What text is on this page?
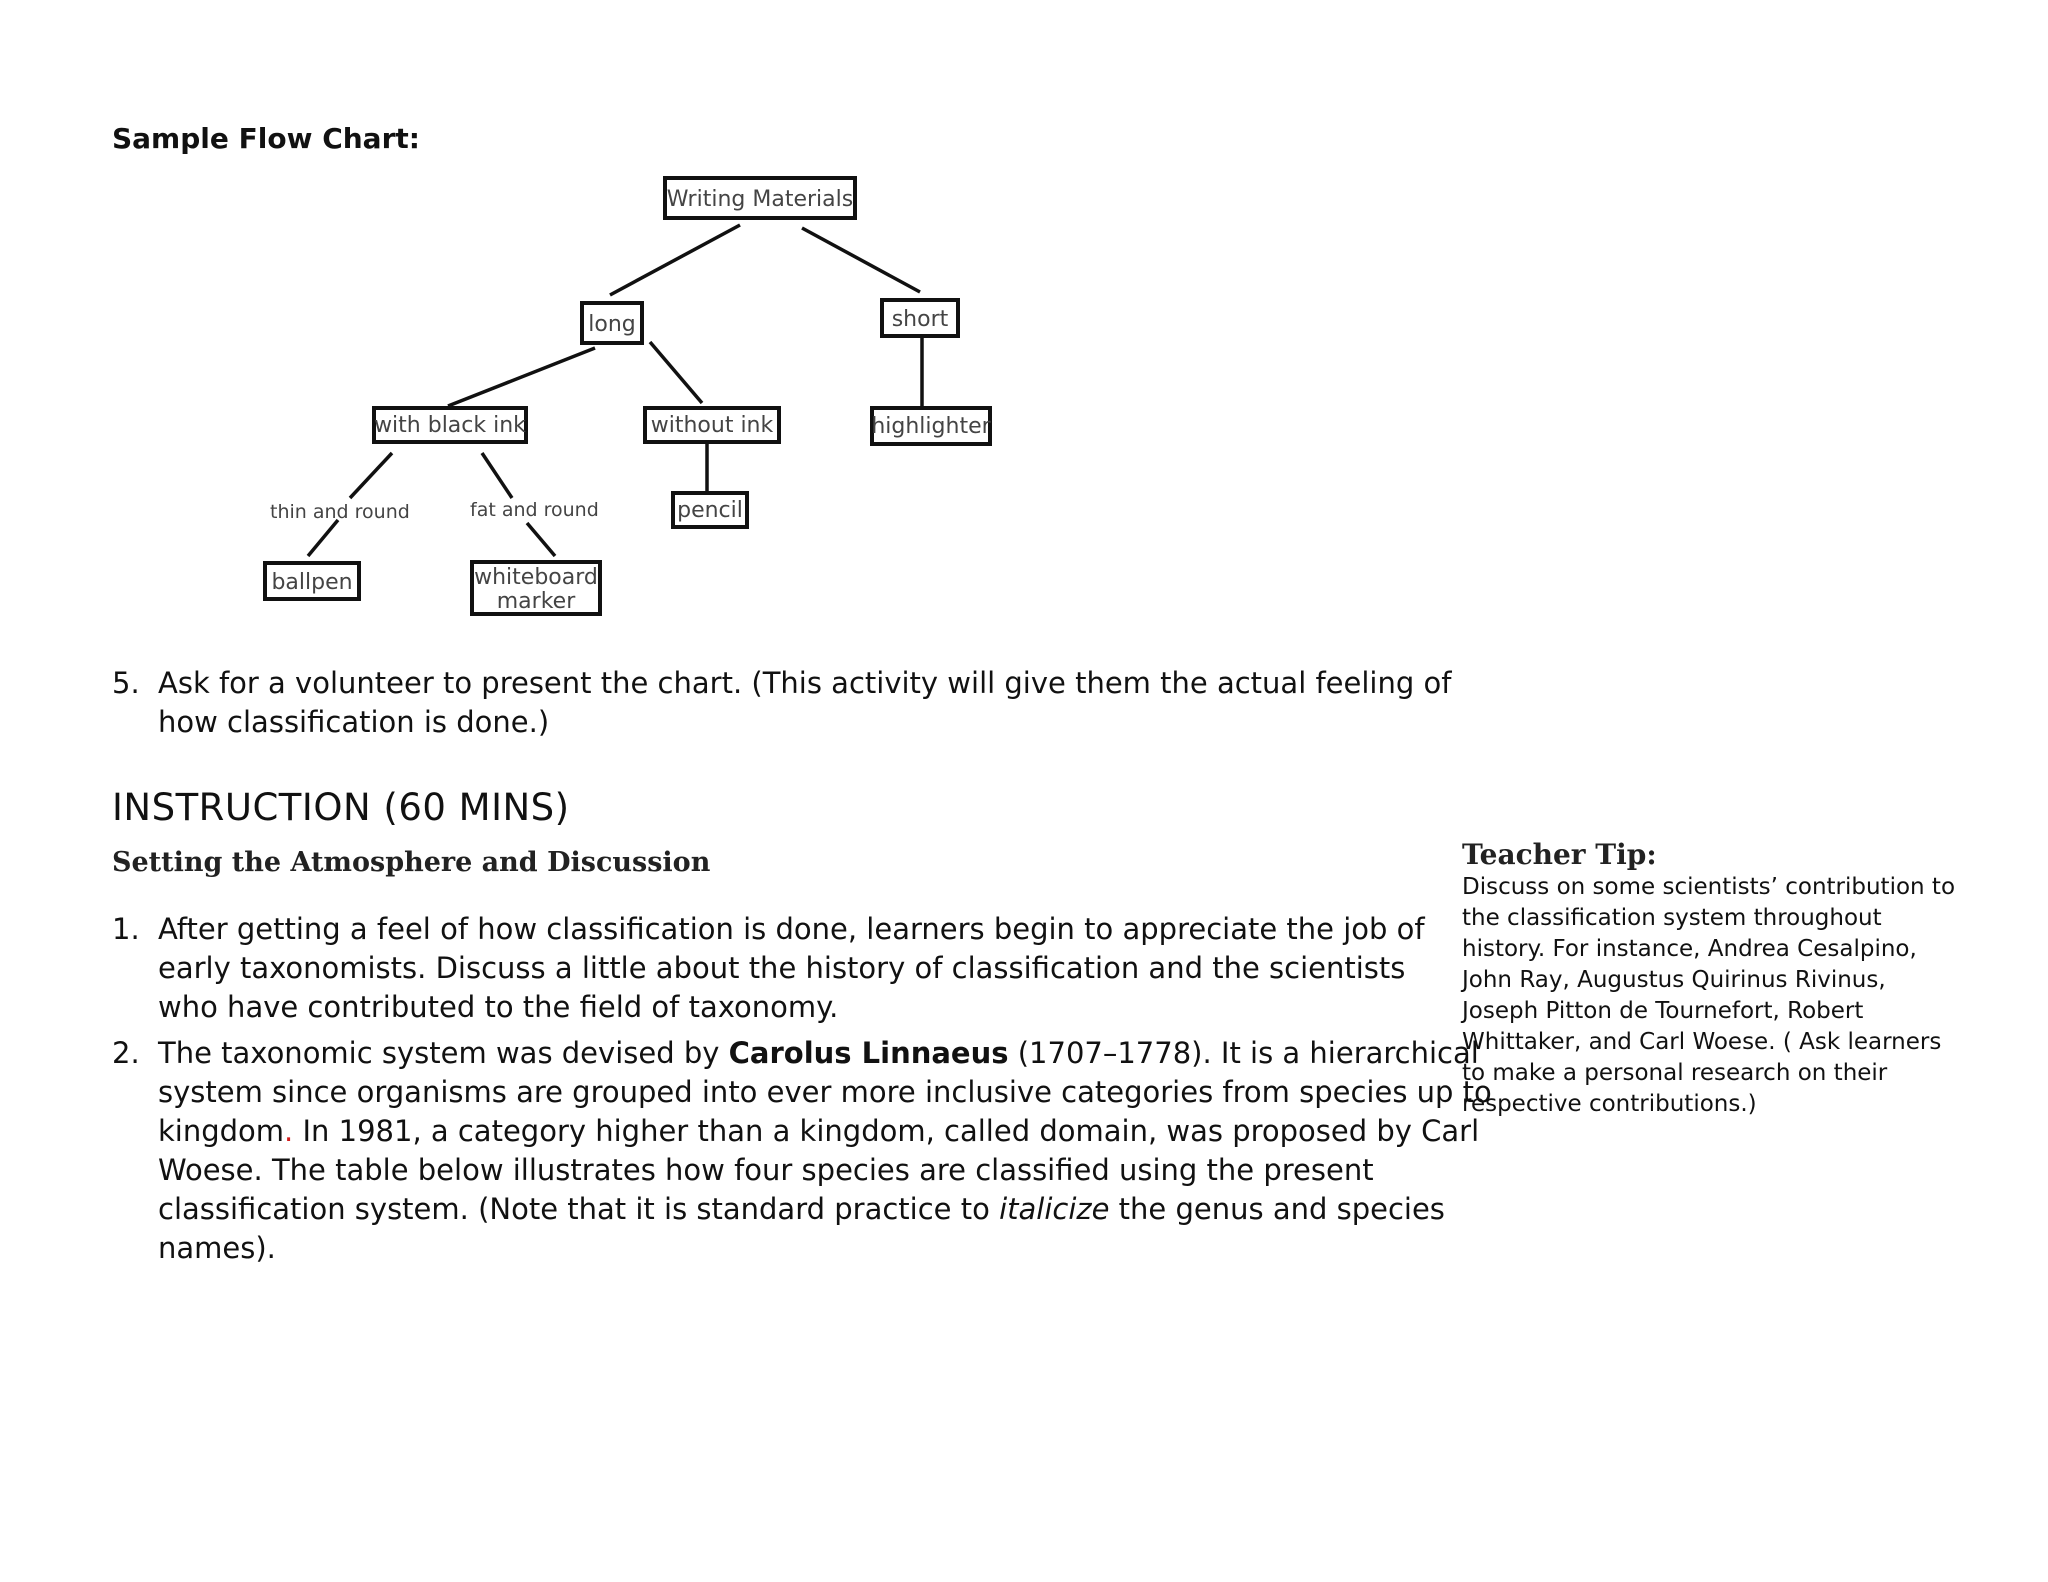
Sample Flow Chart:
Writing Materials
long	short
with black ink	without ink	highlighter
pencil
ballpen	whiteboard
marker
thin and round	fat and round
5. Ask for a volunteer to present the chart. (This activity will give them the actual feeling of how classification is done.)
INSTRUCTION (60 MINS)
Setting the Atmosphere and Discussion
1. After getting a feel of how classification is done, learners begin to appreciate the job of early taxonomists. Discuss a little about the history of classification and the scientists who have contributed to the field of taxonomy.
2. The taxonomic system was devised by Carolus Linnaeus (1707–1778). It is a hierarchical system since organisms are grouped into ever more inclusive categories from species up to kingdom. In 1981, a category higher than a kingdom, called domain, was proposed by Carl Woese. The table below illustrates how four species are classified using the present classification system. (Note that it is standard practice to italicize the genus and species names).
Teacher Tip:
Discuss on some scientists’ contribution to the classification system throughout history. For instance, Andrea Cesalpino, John Ray, Augustus Quirinus Rivinus, Joseph Pitton de Tournefort, Robert Whittaker, and Carl Woese. ( Ask learners to make a personal research on their respective contributions.)
